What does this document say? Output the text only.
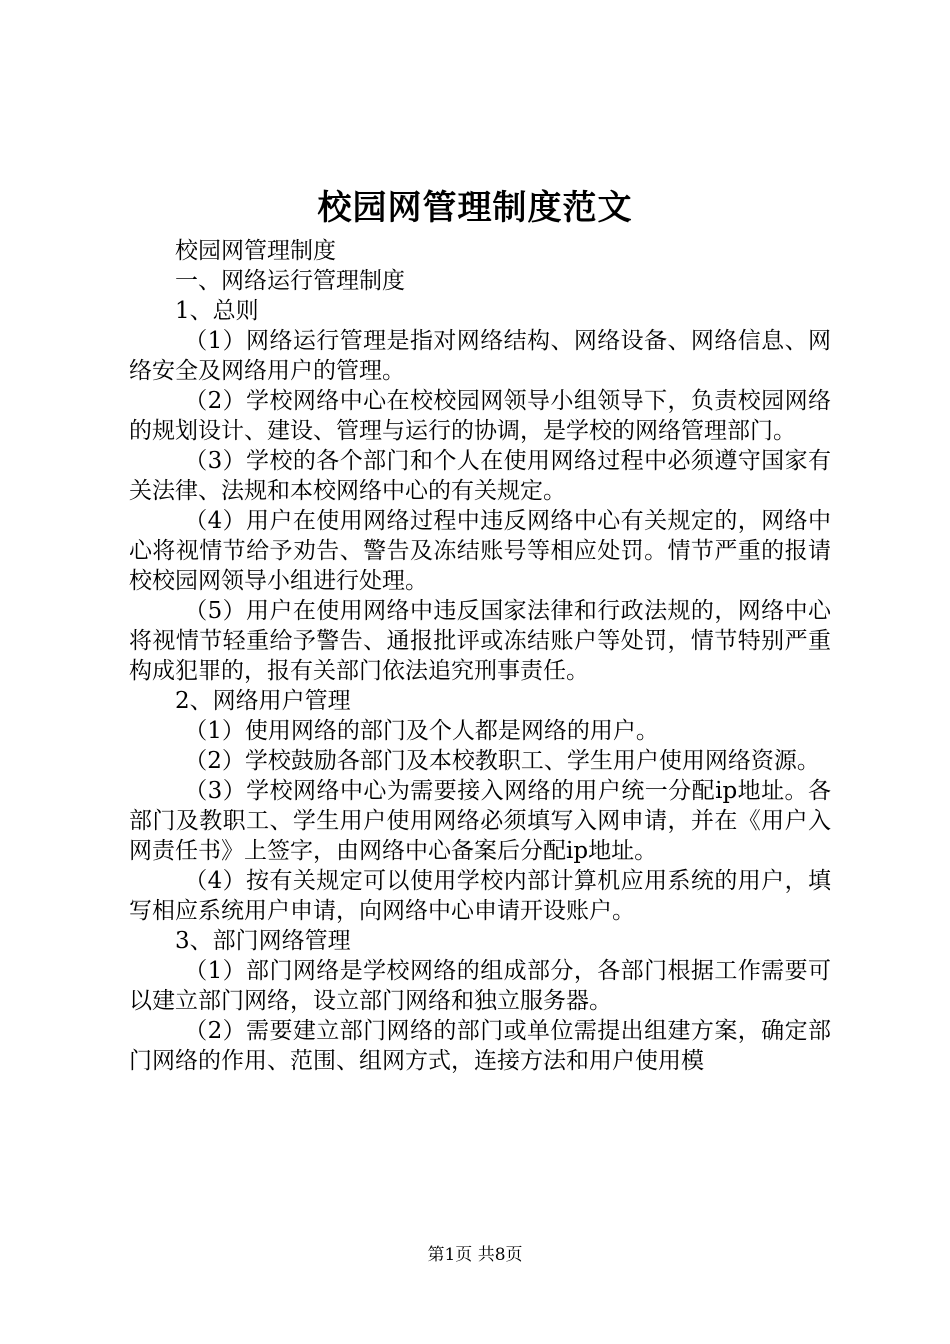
校园网管理制度范文

校园网管理制度

一、网络运行管理制度

1、总则

（1）网络运行管理是指对网络结构、网络设备、网络信息、网络安全及网络用户的管理。

（2）学校网络中心在校校园网领导小组领导下，负责校园网络的规划设计、建设、管理与运行的协调，是学校的网络管理部门。

（3）学校的各个部门和个人在使用网络过程中必须遵守国家有关法律、法规和本校网络中心的有关规定。

（4）用户在使用网络过程中违反网络中心有关规定的，网络中心将视情节给予劝告、警告及冻结账号等相应处罚。情节严重的报请校校园网领导小组进行处理。

（5）用户在使用网络中违反国家法律和行政法规的，网络中心将视情节轻重给予警告、通报批评或冻结账户等处罚，情节特别严重构成犯罪的，报有关部门依法追究刑事责任。

2、网络用户管理

（1）使用网络的部门及个人都是网络的用户。

（2）学校鼓励各部门及本校教职工、学生用户使用网络资源。

（3）学校网络中心为需要接入网络的用户统一分配ip地址。各部门及教职工、学生用户使用网络必须填写入网申请，并在《用户入网责任书》上签字，由网络中心备案后分配ip地址。

（4）按有关规定可以使用学校内部计算机应用系统的用户，填写相应系统用户申请，向网络中心申请开设账户。

3、部门网络管理

（1）部门网络是学校网络的组成部分，各部门根据工作需要可以建立部门网络，设立部门网络和独立服务器。

（2）需要建立部门网络的部门或单位需提出组建方案，确定部门网络的作用、范围、组网方式，连接方法和用户使用模

第1页 共8页
